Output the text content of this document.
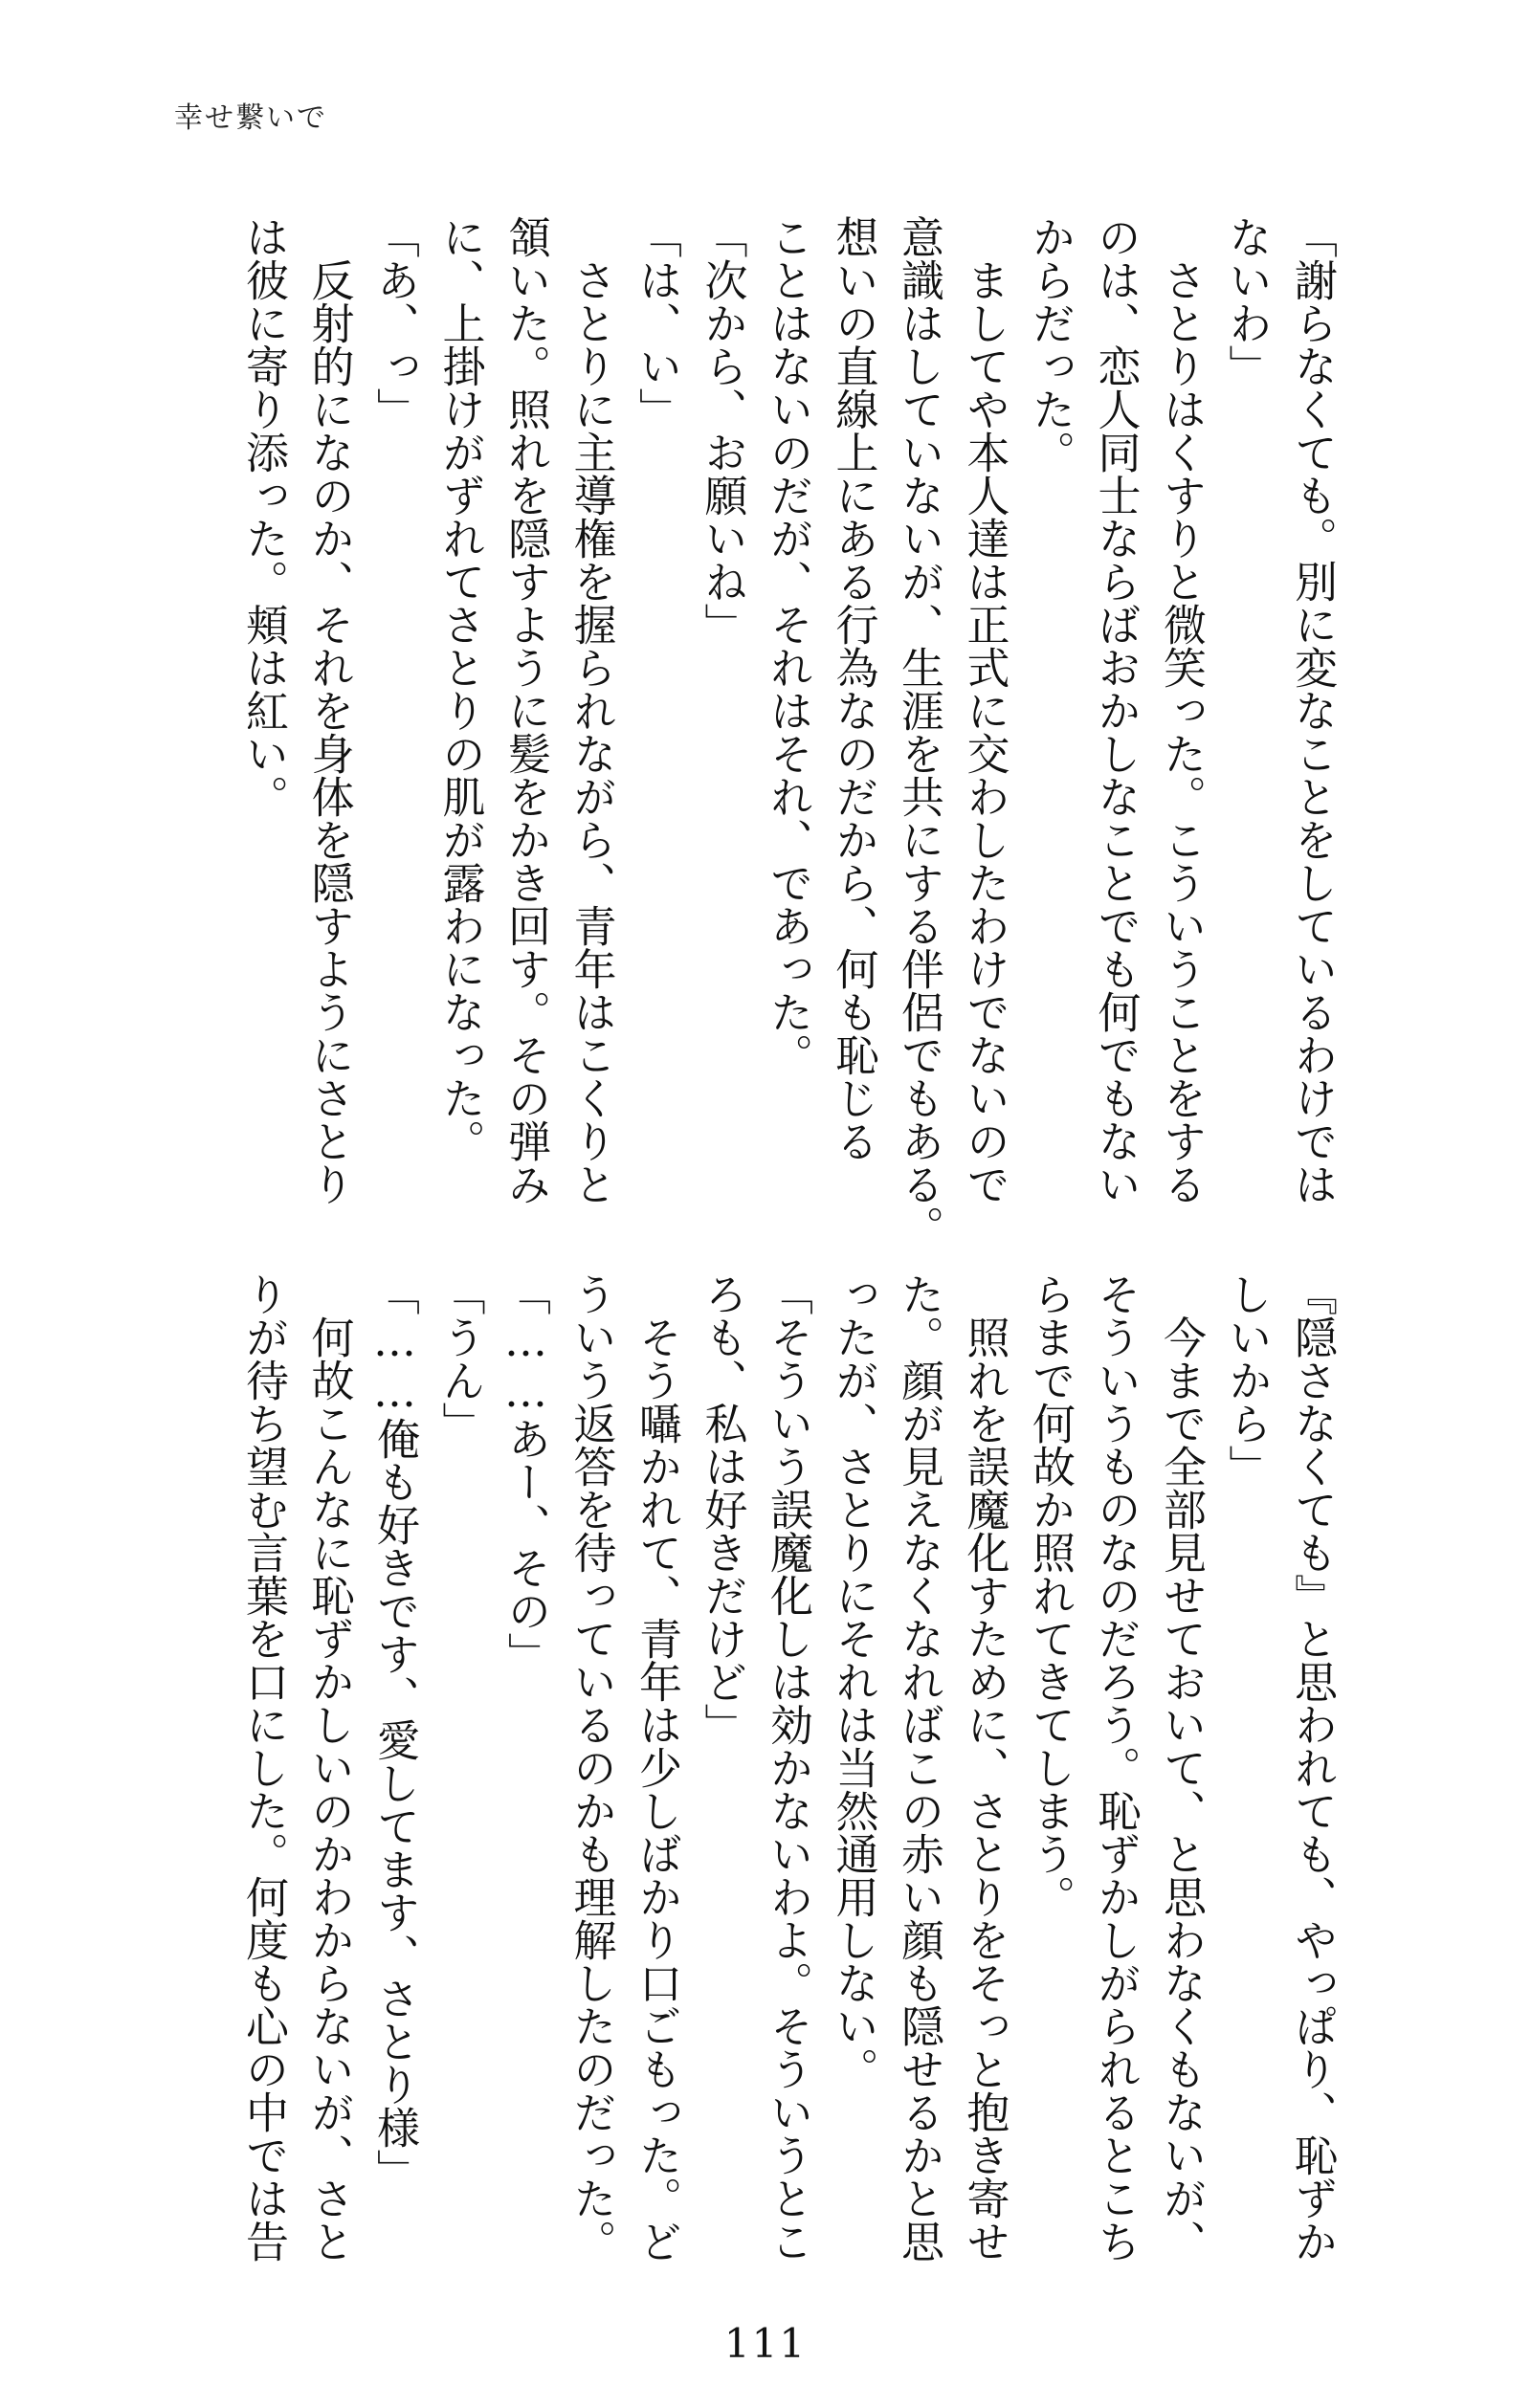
幸せ繋いで
「謝らなくても。別に変なことをしているわけでは
ないわ」
　さとりはくすりと微笑った。こういうことをする
のは、恋人同士ならばおかしなことでも何でもない
からだった。
　ましてや本人達は正式に交わしたわけでないので
意識はしていないが、生涯を共にする伴侶でもある。
想いの直線上にある行為なのだから、何も恥じる
ことはないのだが、それはそれ、であった。
「次から、お願いね」
「は、い」
　さとりに主導権を握られながら、青年はこくりと
頷いた。照れを隠すように髪をかき回す。その弾み
に、上掛けがずれてさとりの肌が露わになった。
「あ、っ」
　反射的になのか、それを身体を隠すようにさとり
は彼に寄り添った。頬は紅い。
『隠さなくても』と思われても、やっぱり、恥ずか
しいから」
　今まで全部見せておいて、と思わなくもないが、
そういうものなのだろう。恥ずかしがられるとこち
らまで何故か照れてきてしまう。
　照れを誤魔化すために、さとりをそっと抱き寄せ
た。顔が見えなくなればこの赤い顔も隠せるかと思
ったが、さとりにそれは当然通用しない。
「そういう誤魔化しは効かないわよ。そういうとこ
ろも、私は好きだけど」
　そう囁かれて、青年は少しばかり口ごもった。ど
ういう返答を待っているのかも理解したのだった。
「……あー、その」
「うん」
「……俺も好きです、愛してます、さとり様」
　何故こんなに恥ずかしいのかわからないが、さと
りが待ち望む言葉を口にした。何度も心の中では告
111
